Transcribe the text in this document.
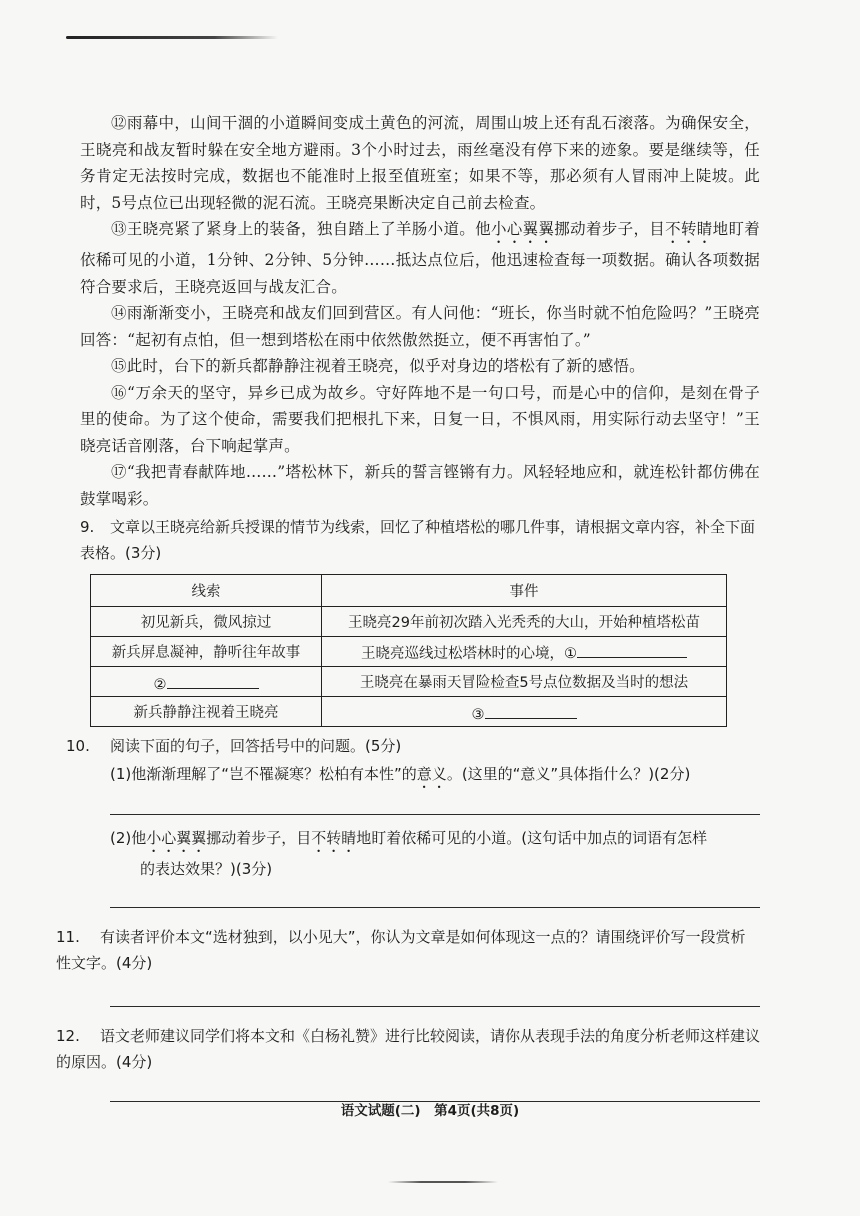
⑫雨幕中，山间干涸的小道瞬间变成土黄色的河流，周围山坡上还有乱石滚落。为确保安全，王晓亮和战友暂时躲在安全地方避雨。3个小时过去，雨丝毫没有停下来的迹象。要是继续等，任务肯定无法按时完成，数据也不能准时上报至值班室；如果不等，那必须有人冒雨冲上陡坡。此时，5号点位已出现轻微的泥石流。王晓亮果断决定自己前去检查。

⑬王晓亮紧了紧身上的装备，独自踏上了羊肠小道。他小心翼翼挪动着步子，目不转睛地盯着依稀可见的小道，1分钟、2分钟、5分钟……抵达点位后，他迅速检查每一项数据。确认各项数据符合要求后，王晓亮返回与战友汇合。

⑭雨渐渐变小，王晓亮和战友们回到营区。有人问他：“班长，你当时就不怕危险吗？”王晓亮回答：“起初有点怕，但一想到塔松在雨中依然傲然挺立，便不再害怕了。”

⑮此时，台下的新兵都静静注视着王晓亮，似乎对身边的塔松有了新的感悟。

⑯“万余天的坚守，异乡已成为故乡。守好阵地不是一句口号，而是心中的信仰，是刻在骨子里的使命。为了这个使命，需要我们把根扎下来，日复一日，不惧风雨，用实际行动去坚守！”王晓亮话音刚落，台下响起掌声。

⑰“我把青春献阵地……”塔松林下，新兵的誓言铿锵有力。风轻轻地应和，就连松针都仿佛在鼓掌喝彩。

9. 文章以王晓亮给新兵授课的情节为线索，回忆了种植塔松的哪几件事，请根据文章内容，补全下面表格。(3分)
线索	事件
初见新兵，微风掠过	王晓亮29年前初次踏入光秃秃的大山，开始种植塔松苗
新兵屏息凝神，静听往年故事	王晓亮巡线过松塔林时的心境，①
②	王晓亮在暴雨天冒险检查5号点位数据及当时的想法
新兵静静注视着王晓亮	③
10. 阅读下面的句子，回答括号中的问题。(5分)

(1)他渐渐理解了“岂不罹凝寒？松柏有本性”的意义。(这里的“意义”具体指什么？)(2分)

(2)他小心翼翼挪动着步子，目不转睛地盯着依稀可见的小道。(这句话中加点的词语有怎样
的表达效果？)(3分)

11. 有读者评价本文“选材独到，以小见大”，你认为文章是如何体现这一点的？请围绕评价写一段赏析性文字。(4分)
12. 语文老师建议同学们将本文和《白杨礼赞》进行比较阅读，请你从表现手法的角度分析老师这样建议的原因。(4分)
语文试题(二)　第4页(共8页)
